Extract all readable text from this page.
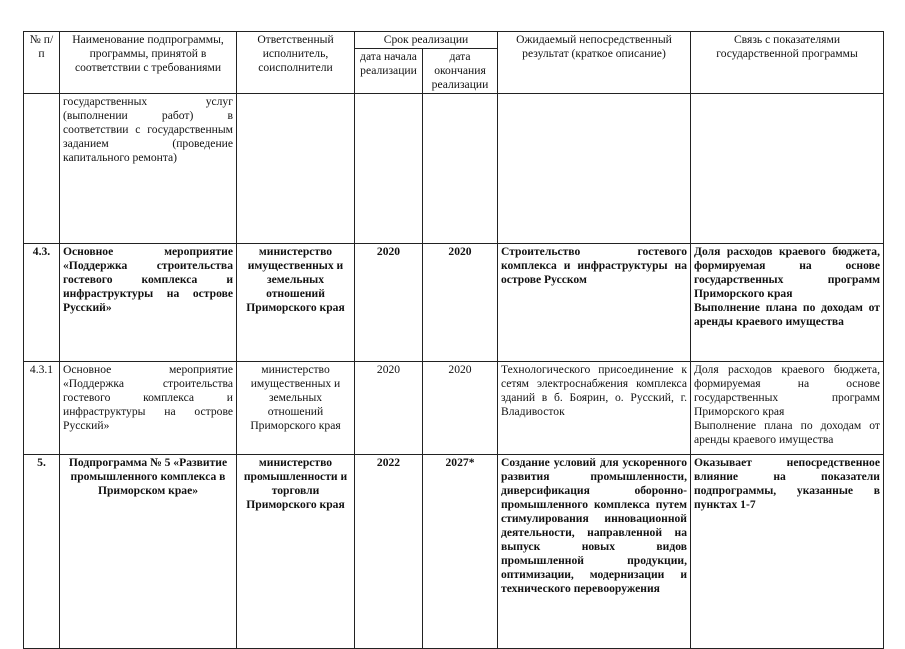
№ п/п	Наименование подпрограммы, программы, принятой в соответствии с требованиями	Ответственный исполнитель, соисполнители	Срок реализации		Ожидаемый непосредственный результат (краткое описание)	Связь с показателями государственной программы
			дата начала реализации	дата окончания реализации		
	государственных услуг (выполнении работ) в соответствии с государственным заданием (проведение капитального ремонта)					

4.3.	Основное мероприятие «Поддержка строительства гостевого комплекса и инфраструктуры на острове Русский»	министерство имущественных и земельных отношений Приморского края	2020	2020	Строительство гостевого комплекса и инфраструктуры на острове Русском	Доля расходов краевого бюджета, формируемая на основе государственных программ Приморского края
Выполнение плана по доходам от аренды краевого имущества

4.3.1	Основное мероприятие «Поддержка строительства гостевого комплекса и инфраструктуры на острове Русский»	министерство имущественных и земельных отношений Приморского края	2020	2020	Технологического присоединение к сетям электроснабжения комплекса зданий в б. Боярин, о. Русский, г. Владивосток	Доля расходов краевого бюджета, формируемая на основе государственных программ Приморского края
Выполнение плана по доходам от аренды краевого имущества

5.	Подпрограмма № 5 «Развитие промышленного комплекса в Приморском крае»	министерство промышленности и торговли Приморского края	2022	2027*	Создание условий для ускоренного развития промышленности, диверсификация оборонно-промышленного комплекса путем стимулирования инновационной деятельности, направленной на выпуск новых видов промышленной продукции, оптимизации, модернизации и технического перевооружения	Оказывает непосредственное влияние на показатели подпрограммы, указанные в пунктах 1-7
